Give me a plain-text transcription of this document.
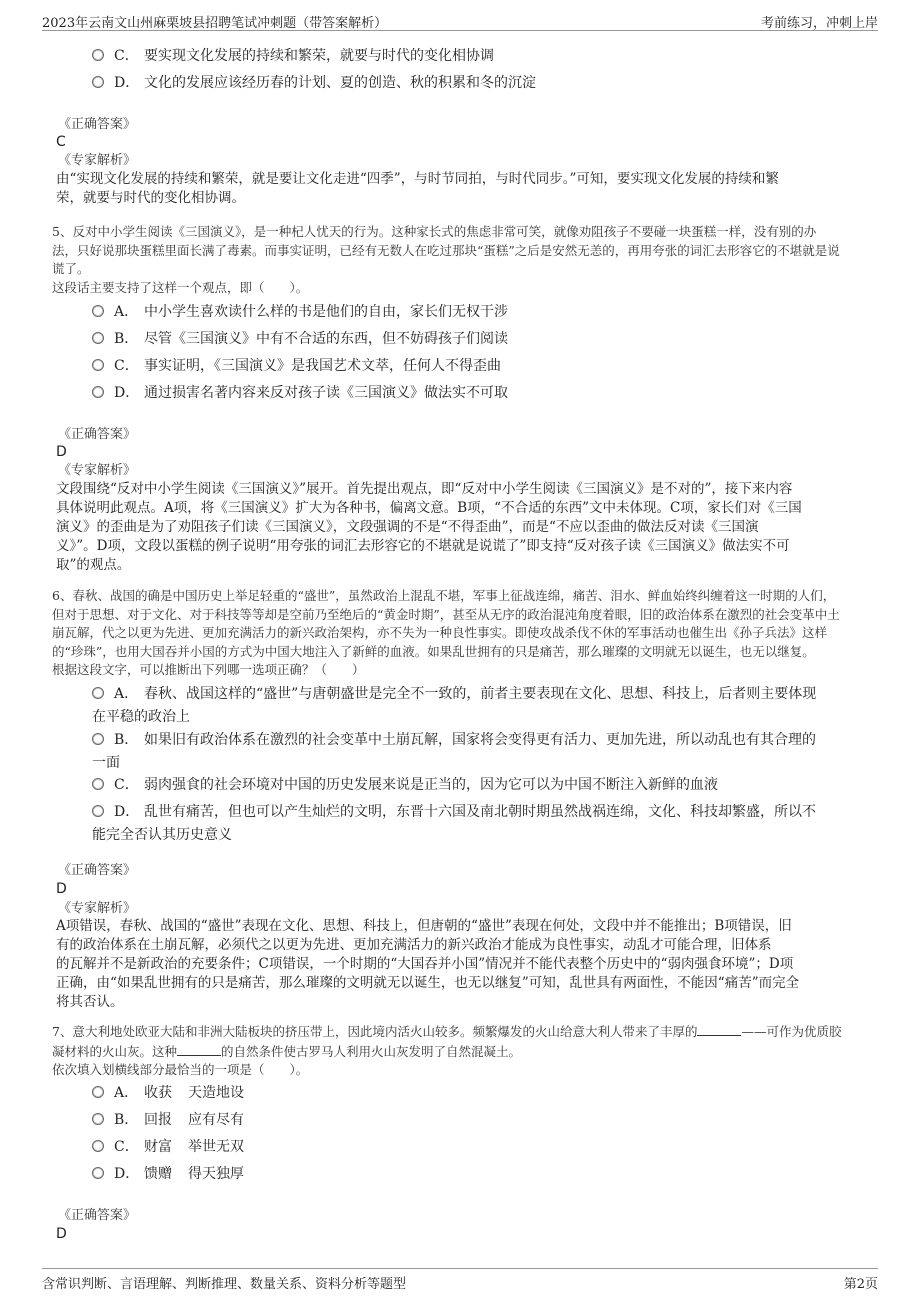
2023年云南文山州麻栗坡县招聘笔试冲刺题（带答案解析）	考前练习，冲刺上岸
C． 要实现文化发展的持续和繁荣，就要与时代的变化相协调
D． 文化的发展应该经历春的计划、夏的创造、秋的积累和冬的沉淀
《正确答案》
C
《专家解析》
由“实现文化发展的持续和繁荣，就是要让文化走进“四季”，与时节同拍，与时代同步。”可知，要实现文化发展的持续和繁
荣，就要与时代的变化相协调。
5、反对中小学生阅读《三国演义》，是一种杞人忧天的行为。这种家长式的焦虑非常可笑，就像劝阻孩子不要碰一块蛋糕一样，没有别的办
法，只好说那块蛋糕里面长满了毒素。而事实证明，已经有无数人在吃过那块“蛋糕”之后是安然无恙的，再用夸张的词汇去形容它的不堪就是说
谎了。
这段话主要支持了这样一个观点，即（　　）。
A． 中小学生喜欢读什么样的书是他们的自由，家长们无权干涉
B． 尽管《三国演义》中有不合适的东西，但不妨碍孩子们阅读
C． 事实证明，《三国演义》是我国艺术文萃，任何人不得歪曲
D． 通过损害名著内容来反对孩子读《三国演义》做法实不可取
《正确答案》
D
《专家解析》
文段围绕“反对中小学生阅读《三国演义》”展开。首先提出观点，即“反对中小学生阅读《三国演义》是不对的”，接下来内容
具体说明此观点。A项，将《三国演义》扩大为各种书，偏离文意。B项，“不合适的东西”文中未体现。C项，家长们对《三国
演义》的歪曲是为了劝阻孩子们读《三国演义》，文段强调的不是“不得歪曲”，而是“不应以歪曲的做法反对读《三国演
义》”。D项，文段以蛋糕的例子说明“用夸张的词汇去形容它的不堪就是说谎了”即支持“反对孩子读《三国演义》做法实不可
取”的观点。
6、春秋、战国的确是中国历史上举足轻重的“盛世”，虽然政治上混乱不堪，军事上征战连绵，痛苦、泪水、鲜血始终纠缠着这一时期的人们，
但对于思想、对于文化、对于科技等等却是空前乃至绝后的“黄金时期”，甚至从无序的政治混沌角度着眼，旧的政治体系在激烈的社会变革中土
崩瓦解，代之以更为先进、更加充满活力的新兴政治架构，亦不失为一种良性事实。即使攻战杀伐不休的军事活动也催生出《孙子兵法》这样
的“珍珠”，也用大国吞并小国的方式为中国大地注入了新鲜的血液。如果乱世拥有的只是痛苦，那么璀璨的文明就无以诞生，也无以继复。
根据这段文字，可以推断出下列哪一选项正确？（　　）
A． 春秋、战国这样的“盛世”与唐朝盛世是完全不一致的，前者主要表现在文化、思想、科技上，后者则主要体现
在平稳的政治上
B． 如果旧有政治体系在激烈的社会变革中土崩瓦解，国家将会变得更有活力、更加先进，所以动乱也有其合理的
一面
C． 弱肉强食的社会环境对中国的历史发展来说是正当的，因为它可以为中国不断注入新鲜的血液
D． 乱世有痛苦，但也可以产生灿烂的文明，东晋十六国及南北朝时期虽然战祸连绵，文化、科技却繁盛，所以不
能完全否认其历史意义
《正确答案》
D
《专家解析》
A项错误，春秋、战国的“盛世”表现在文化、思想、科技上，但唐朝的“盛世”表现在何处，文段中并不能推出；B项错误，旧
有的政治体系在土崩瓦解，必须代之以更为先进、更加充满活力的新兴政治才能成为良性事实，动乱才可能合理，旧体系
的瓦解并不是新政治的充要条件；C项错误，一个时期的“大国吞并小国”情况并不能代表整个历史中的“弱肉强食环境”；D项
正确，由“如果乱世拥有的只是痛苦，那么璀璨的文明就无以诞生，也无以继复”可知，乱世具有两面性，不能因“痛苦”而完全
将其否认。
7、意大利地处欧亚大陆和非洲大陆板块的挤压带上，因此境内活火山较多。频繁爆发的火山给意大利人带来了丰厚的	——可作为优质胶
凝材料的火山灰。这种	的自然条件使古罗马人利用火山灰发明了自然混凝土。
依次填入划横线部分最恰当的一项是（　　）。
A． 收获 天造地设
B． 回报 应有尽有
C． 财富 举世无双
D． 馈赠 得天独厚
《正确答案》
D
含常识判断、言语理解、判断推理、数量关系、资料分析等题型	第2页
